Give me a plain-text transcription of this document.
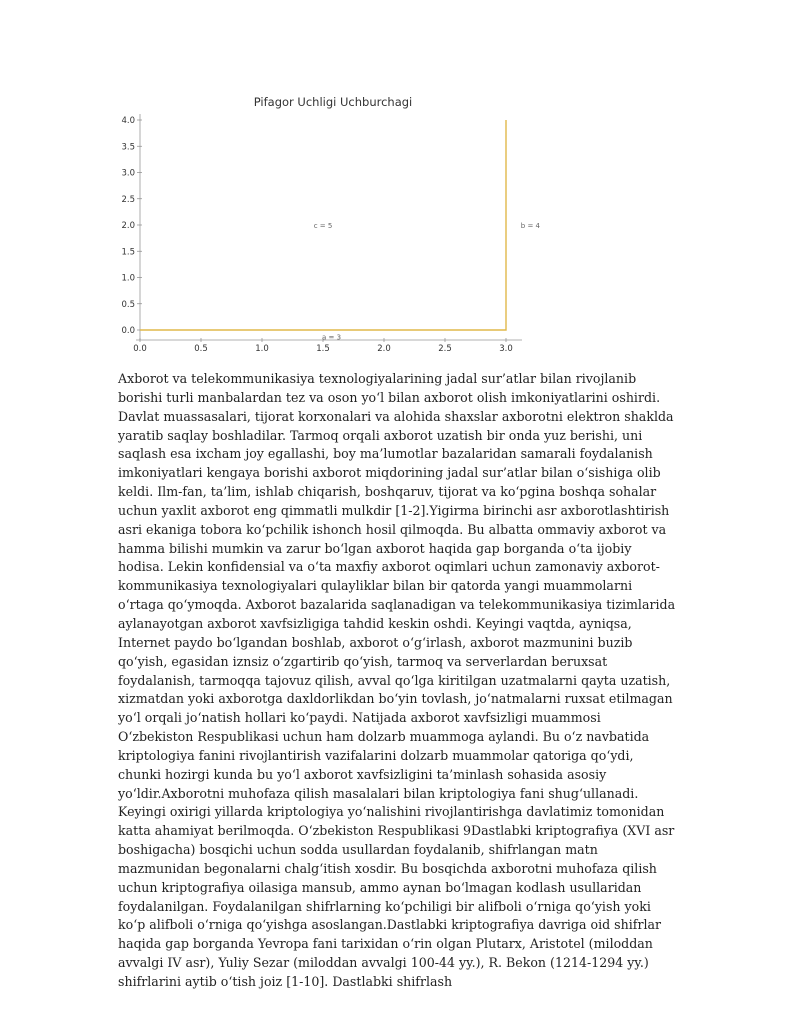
Pifagor Uchligi Uchburchagi
0.0
0.5
1.0
1.5
2.0
2.5
3.0
3.5
4.0
0.0	0.5	1.0	1.5	2.0	2.5	3.0
c = 5	b = 4
a = 3

Axborot va telekommunikasiya texnologiyalarining jadal sur’atlar bilan rivojlanib borishi turli manbalardan tez va oson yo‘l bilan axborot olish imkoniyatlarini oshirdi. Davlat muassasalari, tijorat korxonalari va alohida shaxslar axborotni elektron shaklda yaratib saqlay boshladilar. Tarmoq orqali axborot uzatish bir onda yuz berishi, uni saqlash esa ixcham joy egallashi, boy ma’lumotlar bazalaridan samarali foydalanish imkoniyatlari kengaya borishi axborot miqdorining jadal sur’atlar bilan o‘sishiga olib keldi. Ilm-fan, ta’lim, ishlab chiqarish, boshqaruv, tijorat va ko‘pgina boshqa sohalar uchun yaxlit axborot eng qimmatli mulkdir [1-2].Yigirma birinchi asr axborotlashtirish asri ekaniga tobora ko‘pchilik ishonch hosil qilmoqda. Bu albatta ommaviy axborot va hamma bilishi mumkin va zarur bo‘lgan axborot haqida gap borganda o‘ta ijobiy hodisa. Lekin konfidensial va o‘ta maxfiy axborot oqimlari uchun zamonaviy axborot-kommunikasiya texnologiyalari qulayliklar bilan bir qatorda yangi muammolarni o‘rtaga qo‘ymoqda. Axborot bazalarida saqlanadigan va telekommunikasiya tizimlarida aylanayotgan axborot xavfsizligiga tahdid keskin oshdi. Keyingi vaqtda, ayniqsa, Internet paydo bo‘lgandan boshlab, axborot o‘g‘irlash, axborot mazmunini buzib qo‘yish, egasidan iznsiz o‘zgartirib qo‘yish, tarmoq va serverlardan beruxsat foydalanish, tarmoqqa tajovuz qilish, avval qo‘lga kiritilgan uzatmalarni qayta uzatish, xizmatdan yoki axborotga daxldorlikdan bo‘yin tovlash, jo‘natmalarni ruxsat etilmagan yo‘l orqali jo‘natish hollari ko‘paydi. Natijada axborot xavfsizligi muammosi O‘zbekiston Respublikasi uchun ham dolzarb muammoga aylandi. Bu o‘z navbatida kriptologiya fanini rivojlantirish vazifalarini dolzarb muammolar qatoriga qo‘ydi, chunki hozirgi kunda bu yo‘l axborot xavfsizligini ta’minlash sohasida asosiy yo‘ldir.Axborotni muhofaza qilish masalalari bilan kriptologiya fani shug‘ullanadi. Keyingi oxirigi yillarda kriptologiya yo‘nalishini rivojlantirishga davlatimiz tomonidan katta ahamiyat berilmoqda. O‘zbekiston Respublikasi 9Dastlabki kriptografiya (XVI asr boshigacha) bosqichi uchun sodda usullardan foydalanib, shifrlangan matn mazmunidan begonalarni chalg‘itish xosdir. Bu bosqichda axborotni muhofaza qilish uchun kriptografiya oilasiga mansub, ammo aynan bo‘lmagan kodlash usullaridan foydalanilgan. Foydalanilgan shifrlarning ko‘pchiligi bir alifboli o‘rniga qo‘yish yoki ko‘p alifboli o‘rniga qo‘yishga asoslangan.Dastlabki kriptografiya davriga oid shifrlar haqida gap borganda Yevropa fani tarixidan o‘rin olgan Plutarx, Aristotel (miloddan avvalgi IV asr), Yuliy Sezar (miloddan avvalgi 100-44 yy.), R. Bekon (1214-1294 yy.) shifrlarini aytib o‘tish joiz [1-10]. Dastlabki shifrlash
